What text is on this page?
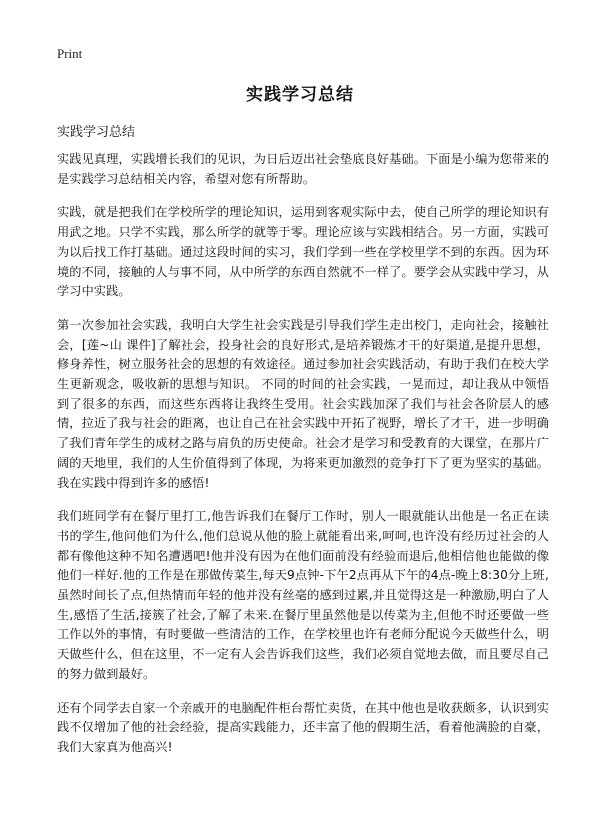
Print
实践学习总结

实践学习总结

实践见真理，实践增长我们的见识，为日后迈出社会垫底良好基础。下面是小编为您带来的是实践学习总结相关内容，希望对您有所帮助。

实践，就是把我们在学校所学的理论知识，运用到客观实际中去，使自己所学的理论知识有用武之地。只学不实践，那么所学的就等于零。理论应该与实践相结合。另一方面，实践可为以后找工作打基础。通过这段时间的实习，我们学到一些在学校里学不到的东西。因为环境的不同，接触的人与事不同，从中所学的东西自然就不一样了。要学会从实践中学习，从学习中实践。

第一次参加社会实践，我明白大学生社会实践是引导我们学生走出校门，走向社会，接触社会，[莲~山 课件]了解社会，投身社会的良好形式,是培养锻炼才干的好渠道,是提升思想，修身养性，树立服务社会的思想的有效途径。通过参加社会实践活动，有助于我们在校大学生更新观念，吸收新的思想与知识。 不同的时间的社会实践，一晃而过，却让我从中领悟到了很多的东西，而这些东西将让我终生受用。社会实践加深了我们与社会各阶层人的感情，拉近了我与社会的距离，也让自己在社会实践中开拓了视野，增长了才干，进一步明确了我们青年学生的成材之路与肩负的历史使命。社会才是学习和受教育的大课堂，在那片广阔的天地里，我们的人生价值得到了体现，为将来更加激烈的竞争打下了更为坚实的基础。我在实践中得到许多的感悟!

我们班同学有在餐厅里打工,他告诉我们在餐厅工作时，别人一眼就能认出他是一名正在读书的学生,他问他们为什么,他们总说从他的脸上就能看出来,呵呵,也许没有经历过社会的人都有像他这种不知名遭遇吧!他并没有因为在他们面前没有经验而退后,他相信他也能做的像他们一样好.他的工作是在那做传菜生,每天9点钟-下午2点再从下午的4点-晚上8:30分上班,虽然时间长了点,但热情而年轻的他并没有丝毫的感到过累,并且觉得这是一种激励,明白了人生,感悟了生活,接簇了社会,了解了未来.在餐厅里虽然他是以传菜为主,但他不时还要做一些工作以外的事情，有时要做一些清洁的工作，在学校里也许有老师分配说今天做些什么，明天做些什么，但在这里，不一定有人会告诉我们这些，我们必须自觉地去做，而且要尽自己的努力做到最好。

还有个同学去自家一个亲戚开的电脑配件柜台帮忙卖货，在其中他也是收获颇多，认识到实践不仅增加了他的社会经验，提高实践能力，还丰富了他的假期生活，看着他满脸的自豪，我们大家真为他高兴!
